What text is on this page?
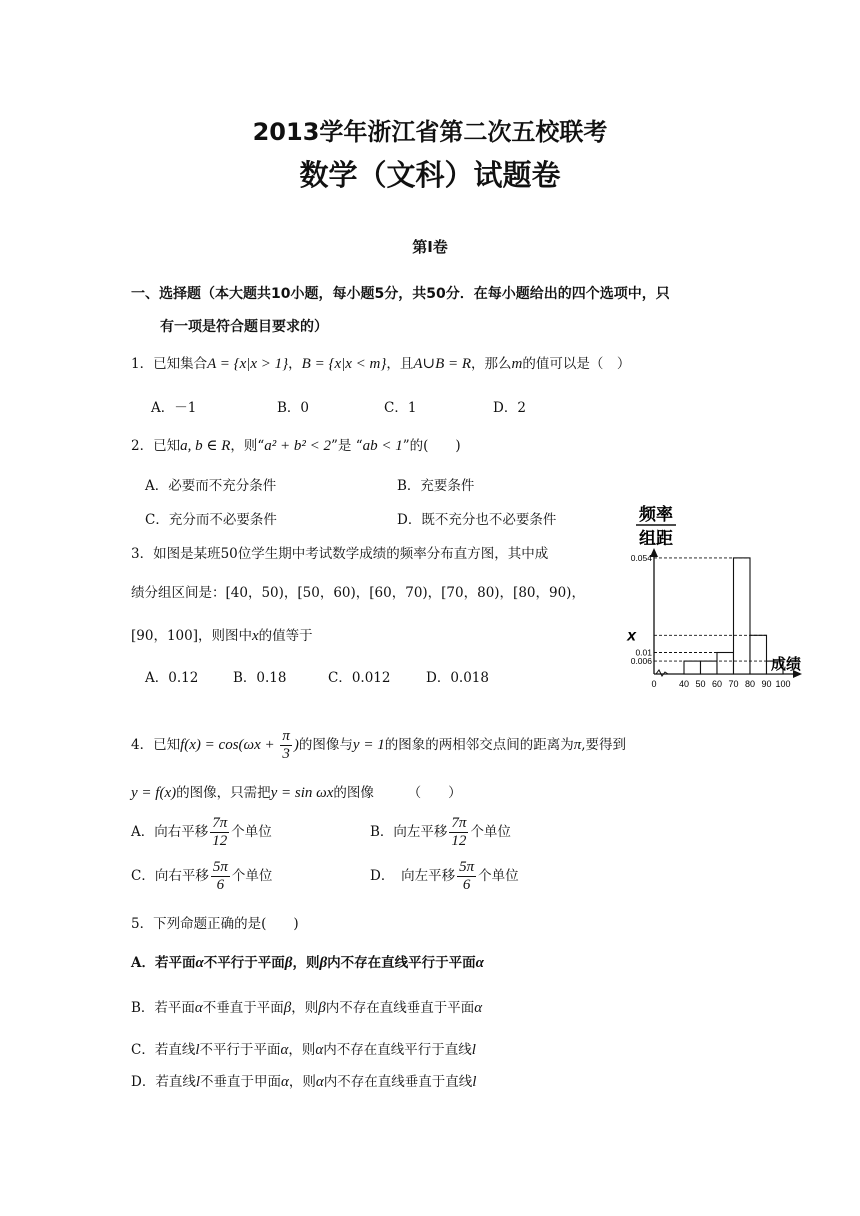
2013学年浙江省第二次五校联考
数学（文科）试题卷
第Ⅰ卷
一、选择题（本大题共10小题，每小题5分，共50分．在每小题给出的四个选项中，只
有一项是符合题目要求的）
1．已知集合A = {x|x > 1}，B = {x|x < m}，且A∪B = R，那么m的值可以是（　）
A．－1	B．0	C．1	D．2
2．已知a, b ∈ R，则“a² + b² < 2”是 “ab < 1”的(　　)
A．必要而不充分条件	B．充要条件
C．充分而不必要条件	D．既不充分也不必要条件
3．如图是某班50位学生期中考试数学成绩的频率分布直方图，其中成
绩分组区间是：[40，50)，[50，60)，[60，70)，[70，80)，[80，90)，
[90，100]，则图中x的值等于
A．0.12	B．0.18	C．0.012	D．0.018
频率
组距
0.054
x
0.01
0.006
0 40 50 60 70 80 90 100
成绩
4．已知$f(x) = \cos(\omega x + \frac{\pi}{3}$ )的图像与y = 1的图象的两相邻交点间的距离为π,要得到
y = f(x)的图像，只需把y = sin ωx的图像　　　（　　）
A．向右平移 $\frac{7\pi}{12}$ 个单位	B．向左平移 $\frac{7\pi}{12}$ 个单位
C．向右平移 $\frac{5\pi}{6}$ 个单位	D．　向左平移 $\frac{5\pi}{6}$ 个单位
5．下列命题正确的是(　　)
A．若平面α不平行于平面β，则β内不存在直线平行于平面α
B．若平面α不垂直于平面β，则β内不存在直线垂直于平面α
C．若直线l不平行于平面α，则α内不存在直线平行于直线l
D．若直线l不垂直于甲面α，则α内不存在直线垂直于直线l
